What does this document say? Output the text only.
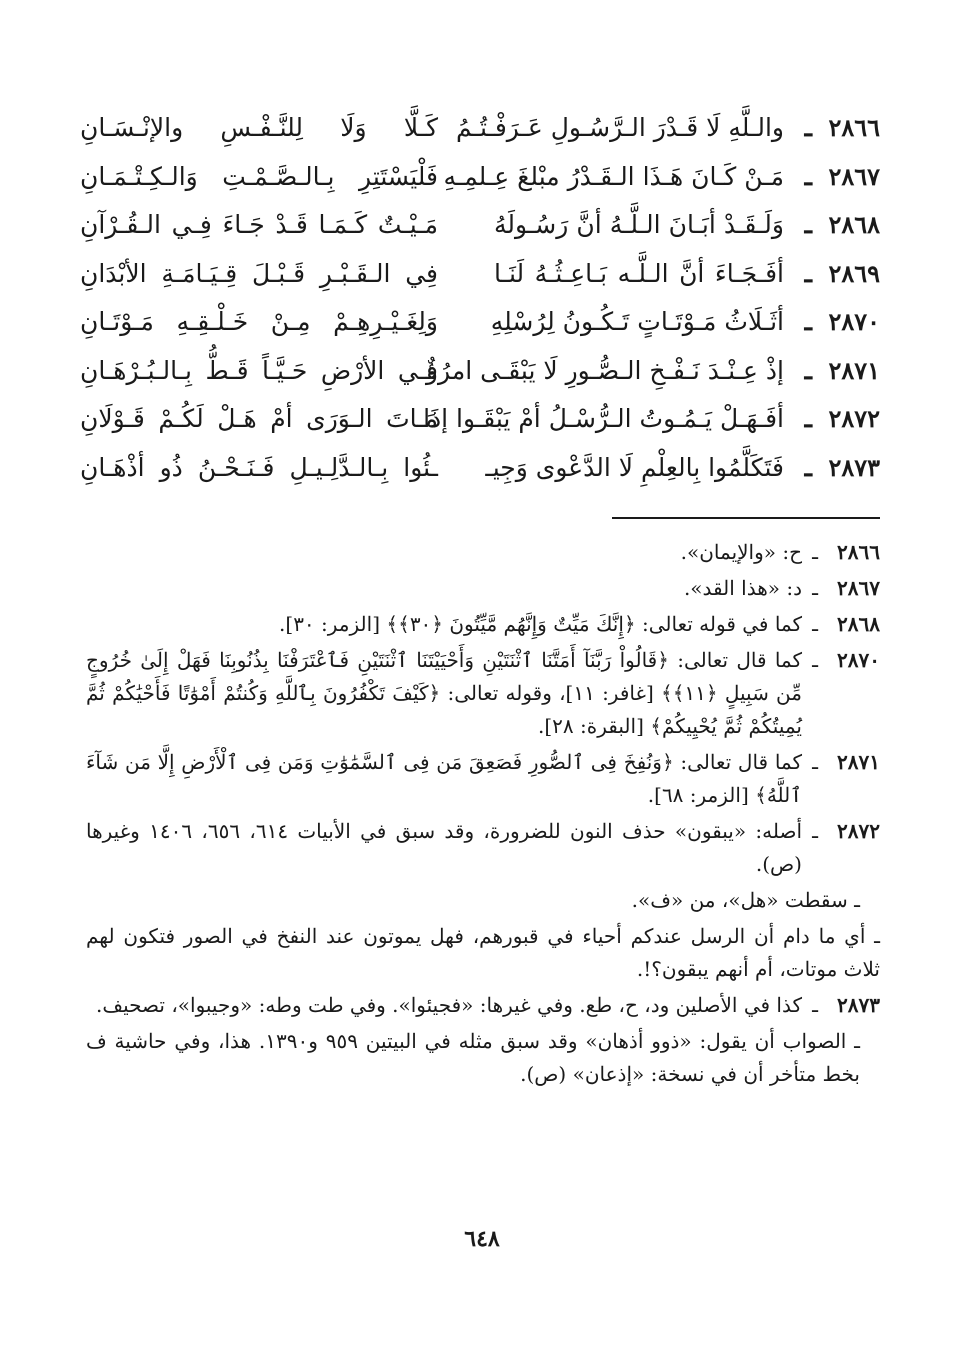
٢٨٦٦
ـ
والـلَّهِ لَا قَـدْرَ الـرَّسُـولِ عَـرَفْـتُـمُ
كَـلَّا وَلَا لِلنَّـفْـسِ والإنْـسَـانِ
٢٨٦٧
ـ
مَـنْ كَـانَ هَـذَا الـقَـدْرُ مبْلغَ عِـلمِـهِ
فَلْيَسْتَتِرِ بِـالـصَّـمْـتِ وَالـكِـتْـمَـانِ
٢٨٦٨
ـ
وَلَـقَـدْ أبَـانَ الـلَّـهُ أنَّ رَسُـولَهُ
مَـيْـتٌ كَـمَـا قَـدْ جَـاءَ فِـي الـقُـرْآنِ
٢٨٦٩
ـ
أفَـجَـاءَ أنَّ الـلَّـه بَـاعِـثُـهُ لَنَـا
فِي الـقَـبْـرِ قَـبْـلَ قِـيَـامَـةِ الأبْدَانِ
٢٨٧٠
ـ
أثَـلَاثُ مَـوْتَـاتٍ تَـكُـونُ لِرُسْلِهِ
وَلِغَـيْـرِهِـمْ مِـنْ خَـلْـقِـهِ مَـوْتَـانِ
٢٨٧١
ـ
إذْ عِـنْـدَ نَـفْـخِ الـصُّـورِ لَا يَبْقَـى امرُؤٌ
فـي الأرْضِ حَـيَّـاً قَـطُّ بِـالـبُـرْهَـانِ
٢٨٧٢
ـ
أفَـهَـلْ يَـمُـوتُ الـرُّسْـلُ أمْ يَبْقَـوا إذَا
مَـاتَ الـوَرَى أمْ هَـلْ لَكُـمْ قَـوْلَانِ
٢٨٧٣
ـ
فَتَكَلَّمُوا بِالعِلْمِ لَا الدَّعْوى وَجِيـ
ـئُوا بِـالـدَّلِـيـلِ فَـنَـحْـنُ ذُو أذْهَـانِ
٢٨٦٦
ـ
ح: «والإيمان».
٢٨٦٧
ـ
د: «هذا القد».
٢٨٦٨
ـ
كما في قوله تعالى: ﴿إِنَّكَ مَيِّتٌ وَإِنَّهُم مَّيِّتُونَ ﴿٣٠﴾﴾ [الزمر: ٣٠].
٢٨٧٠
ـ
كما قال تعالى: ﴿قَالُواْ رَبَّنَآ أَمَتَّنَا ٱثْنَتَيْنِ وَأَحْيَيْتَنَا ٱثْنَتَيْنِ فَٱعْتَرَفْنَا بِذُنُوبِنَا فَهَلْ إِلَىٰ خُرُوجٍ مِّن سَبِيلٍ ﴿١١﴾﴾ [غافر: ١١]، وقوله تعالى: ﴿كَيْفَ تَكْفُرُونَ بِٱللَّهِ وَكُنتُمْ أَمْوَٰتًا فَأَحْيَٰكُمْ ثُمَّ يُمِيتُكُمْ ثُمَّ يُحْيِيكُمْ﴾ [البقرة: ٢٨].
٢٨٧١
ـ
كما قال تعالى: ﴿وَنُفِخَ فِى ٱلصُّورِ فَصَعِقَ مَن فِى ٱلسَّمَٰوَٰتِ وَمَن فِى ٱلْأَرْضِ إِلَّا مَن شَآءَ ٱللَّهُ﴾ [الزمر: ٦٨].
٢٨٧٢
ـ
أصله: «يبقون» حذف النون للضرورة، وقد سبق في الأبيات ٦١٤، ٦٥٦، ١٤٠٦ وغيرها (ص).
ـ سقطت «هل»، من «ف».
ـ أي ما دام أن الرسل عندكم أحياء في قبورهم، فهل يموتون عند النفخ في الصور فتكون لهم ثلاث موتات، أم أنهم يبقون؟!.
٢٨٧٣
ـ
كذا في الأصلين ود، ح، طع. وفي غيرها: «فجيئوا». وفي طت وطه: «وجيبوا»، تصحيف.
ـ الصواب أن يقول: «ذوو أذهان» وقد سبق مثله في البيتين ٩٥٩ و١٣٩٠. هذا، وفي حاشية ف بخط متأخر أن في نسخة: «إذعان» (ص).
٦٤٨
